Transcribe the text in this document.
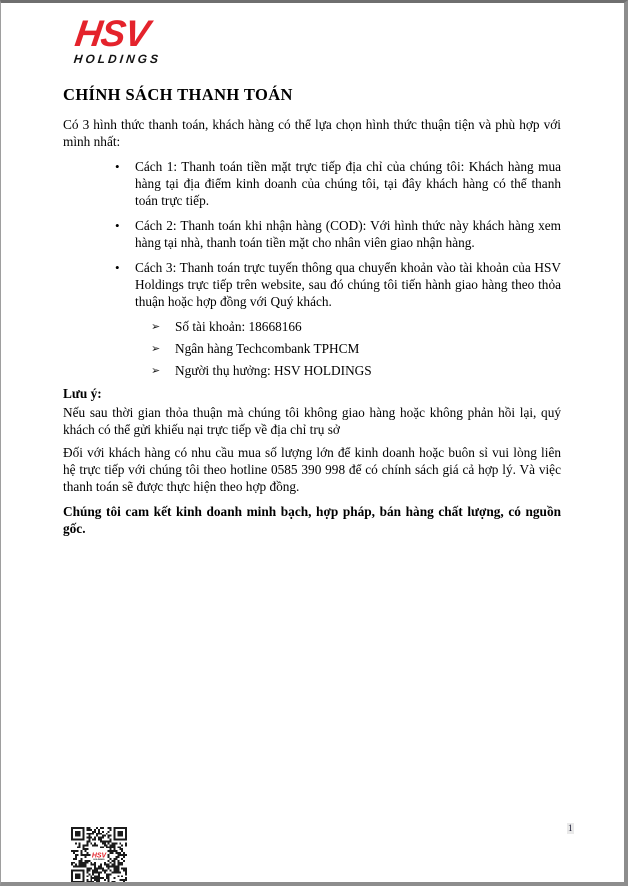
HSV
HOLDINGS
CHÍNH SÁCH THANH TOÁN

Có 3 hình thức thanh toán, khách hàng có thể lựa chọn hình thức thuận tiện và phù hợp với mình nhất:

•	Cách 1: Thanh toán tiền mặt trực tiếp địa chỉ của chúng tôi: Khách hàng mua hàng tại địa điểm kinh doanh của chúng tôi, tại đây khách hàng có thể thanh toán trực tiếp.
•	Cách 2: Thanh toán khi nhận hàng (COD): Với hình thức này khách hàng xem hàng tại nhà, thanh toán tiền mặt cho nhân viên giao nhận hàng.
•	Cách 3: Thanh toán trực tuyến thông qua chuyển khoản vào tài khoản của HSV Holdings trực tiếp trên website, sau đó chúng tôi tiến hành giao hàng theo thỏa thuận hoặc hợp đồng với Quý khách.
➢	Số tài khoản: 18668166
➢	Ngân hàng Techcombank TPHCM
➢	Người thụ hưởng: HSV HOLDINGS

Lưu ý:

Nếu sau thời gian thỏa thuận mà chúng tôi không giao hàng hoặc không phản hồi lại, quý khách có thể gửi khiếu nại trực tiếp về địa chỉ trụ sở

Đối với khách hàng có nhu cầu mua số lượng lớn để kinh doanh hoặc buôn sỉ vui lòng liên hệ trực tiếp với chúng tôi theo hotline 0585 390 998 để có chính sách giá cả hợp lý. Và việc thanh toán sẽ được thực hiện theo hợp đồng.

Chúng tôi cam kết kinh doanh minh bạch, hợp pháp, bán hàng chất lượng, có nguồn gốc.

HSV
HOLDINGS
1
